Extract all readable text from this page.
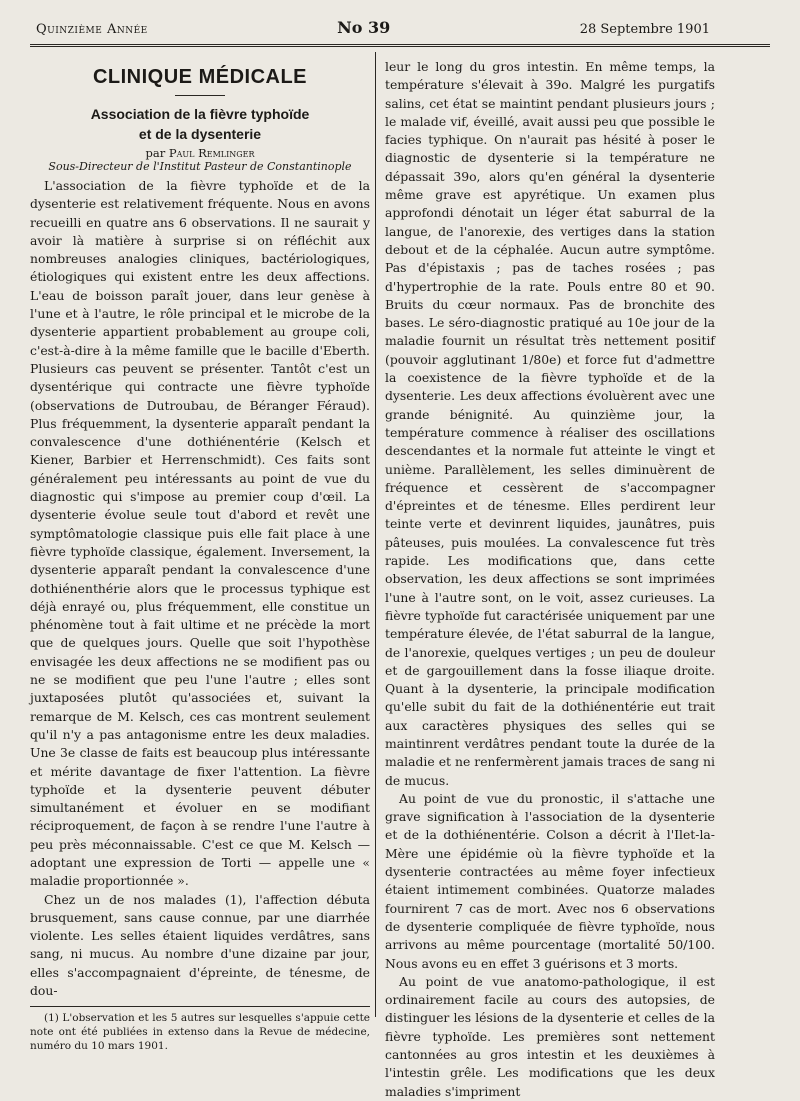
Quinzième Année	No 39	28 Septembre 1901
CLINIQUE MÉDICALE
Association de la fièvre typhoïde
et de la dysenterie
par Paul Remlinger
Sous-Directeur de l'Institut Pasteur de Constantinople

L'association de la fièvre typhoïde et de la dysenterie est relativement fréquente. Nous en avons recueilli en quatre ans 6 observations. Il ne saurait y avoir là matière à surprise si on réfléchit aux nombreuses analogies cliniques, bactériologiques, étiologiques qui existent entre les deux affections. L'eau de boisson paraît jouer, dans leur genèse à l'une et à l'autre, le rôle principal et le microbe de la dysenterie appartient probablement au groupe coli, c'est-à-dire à la même famille que le bacille d'Eberth. Plusieurs cas peuvent se présenter. Tantôt c'est un dysentérique qui contracte une fièvre typhoïde (observations de Dutroubau, de Béranger Féraud). Plus fréquemment, la dysenterie apparaît pendant la convalescence d'une dothiénentérie (Kelsch et Kiener, Barbier et Herrenschmidt). Ces faits sont généralement peu intéressants au point de vue du diagnostic qui s'impose au premier coup d'œil. La dysenterie évolue seule tout d'abord et revêt une symptômatologie classique puis elle fait place à une fièvre typhoïde classique, également. Inversement, la dysenterie apparaît pendant la convalescence d'une dothiénenthérie alors que le processus typhique est déjà enrayé ou, plus fréquemment, elle constitue un phénomène tout à fait ultime et ne précède la mort que de quelques jours. Quelle que soit l'hypothèse envisagée les deux affections ne se modifient pas ou ne se modifient que peu l'une l'autre ; elles sont juxtaposées plutôt qu'associées et, suivant la remarque de M. Kelsch, ces cas montrent seulement qu'il n'y a pas antagonisme entre les deux maladies. Une 3e classe de faits est beaucoup plus intéressante et mérite davantage de fixer l'attention. La fièvre typhoïde et la dysenterie peuvent débuter simultanément et évoluer en se modifiant réciproquement, de façon à se rendre l'une l'autre à peu près méconnaissable. C'est ce que M. Kelsch — adoptant une expression de Torti — appelle une « maladie proportionnée ».

Chez un de nos malades (1), l'affection débuta brusquement, sans cause connue, par une diarrhée violente. Les selles étaient liquides verdâtres, sans sang, ni mucus. Au nombre d'une dizaine par jour, elles s'accompagnaient d'épreinte, de ténesme, de dou-

(1) L'observation et les 5 autres sur lesquelles s'appuie cette note ont été publiées in extenso dans la Revue de médecine, numéro du 10 mars 1901.

leur le long du gros intestin. En même temps, la température s'élevait à 39o. Malgré les purgatifs salins, cet état se maintint pendant plusieurs jours ; le malade vif, éveillé, avait aussi peu que possible le facies typhique. On n'aurait pas hésité à poser le diagnostic de dysenterie si la température ne dépassait 39o, alors qu'en général la dysenterie même grave est apyrétique. Un examen plus approfondi dénotait un léger état saburral de la langue, de l'anorexie, des vertiges dans la station debout et de la céphalée. Aucun autre symptôme. Pas d'épistaxis ; pas de taches rosées ; pas d'hypertrophie de la rate. Pouls entre 80 et 90. Bruits du cœur normaux. Pas de bronchite des bases. Le séro-diagnostic pratiqué au 10e jour de la maladie fournit un résultat très nettement positif (pouvoir agglutinant 1/80e) et force fut d'admettre la coexistence de la fièvre typhoïde et de la dysenterie. Les deux affections évoluèrent avec une grande bénignité. Au quinzième jour, la température commence à réaliser des oscillations descendantes et la normale fut atteinte le vingt et unième. Parallèlement, les selles diminuèrent de fréquence et cessèrent de s'accompagner d'épreintes et de ténesme. Elles perdirent leur teinte verte et devinrent liquides, jaunâtres, puis pâteuses, puis moulées. La convalescence fut très rapide. Les modifications que, dans cette observation, les deux affections se sont imprimées l'une à l'autre sont, on le voit, assez curieuses. La fièvre typhoïde fut caractérisée uniquement par une température élevée, de l'état saburral de la langue, de l'anorexie, quelques vertiges ; un peu de douleur et de gargouillement dans la fosse iliaque droite. Quant à la dysenterie, la principale modification qu'elle subit du fait de la dothiénentérie eut trait aux caractères physiques des selles qui se maintinrent verdâtres pendant toute la durée de la maladie et ne renfermèrent jamais traces de sang ni de mucus.

Au point de vue du pronostic, il s'attache une grave signification à l'association de la dysenterie et de la dothiénentérie. Colson a décrit à l'Ilet-la-Mère une épidémie où la fièvre typhoïde et la dysenterie contractées au même foyer infectieux étaient intimement combinées. Quatorze malades fournirent 7 cas de mort. Avec nos 6 observations de dysenterie compliquée de fièvre typhoïde, nous arrivons au même pourcentage (mortalité 50/100. Nous avons eu en effet 3 guérisons et 3 morts.

Au point de vue anatomo-pathologique, il est ordinairement facile au cours des autopsies, de distinguer les lésions de la dysenterie et celles de la fièvre typhoïde. Les premières sont nettement cantonnées au gros intestin et les deuxièmes à l'intestin grêle. Les modifications que les deux maladies s'impriment
